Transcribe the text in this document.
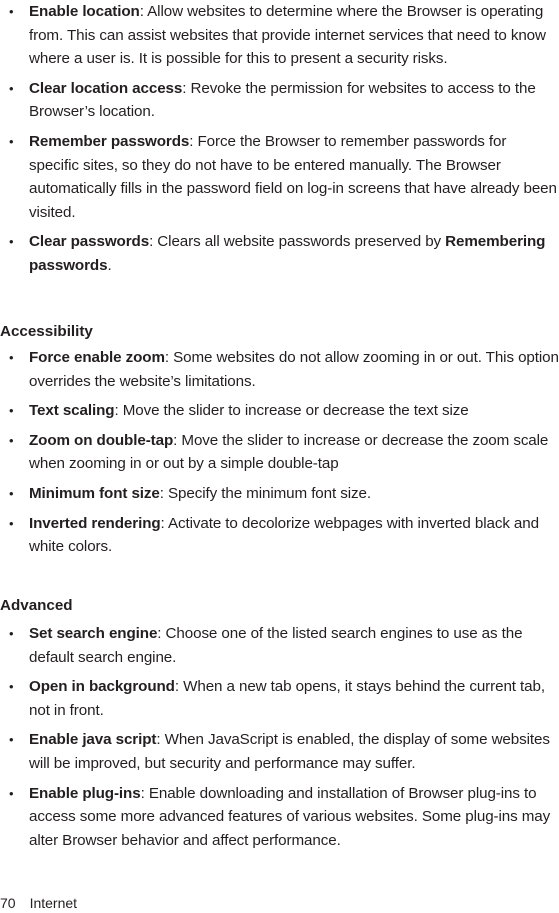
• Enable location: Allow websites to determine where the Browser is operating from. This can assist websites that provide internet services that need to know where a user is. It is possible for this to present a security risks.
• Clear location access: Revoke the permission for websites to access to the Browser’s location.
• Remember passwords: Force the Browser to remember passwords for specific sites, so they do not have to be entered manually. The Browser automatically fills in the password field on log-in screens that have already been visited.
• Clear passwords: Clears all website passwords preserved by Remembering passwords.
Accessibility
• Force enable zoom: Some websites do not allow zooming in or out. This option overrides the website’s limitations.
• Text scaling: Move the slider to increase or decrease the text size
• Zoom on double-tap: Move the slider to increase or decrease the zoom scale when zooming in or out by a simple double-tap
• Minimum font size: Specify the minimum font size.
• Inverted rendering: Activate to decolorize webpages with inverted black and white colors.
Advanced
• Set search engine: Choose one of the listed search engines to use as the default search engine.
• Open in background: When a new tab opens, it stays behind the current tab, not in front.
• Enable java script: When JavaScript is enabled, the display of some websites will be improved, but security and performance may suffer.
• Enable plug-ins: Enable downloading and installation of Browser plug-ins to access some more advanced features of various websites. Some plug-ins may alter Browser behavior and affect performance.
70 Internet
